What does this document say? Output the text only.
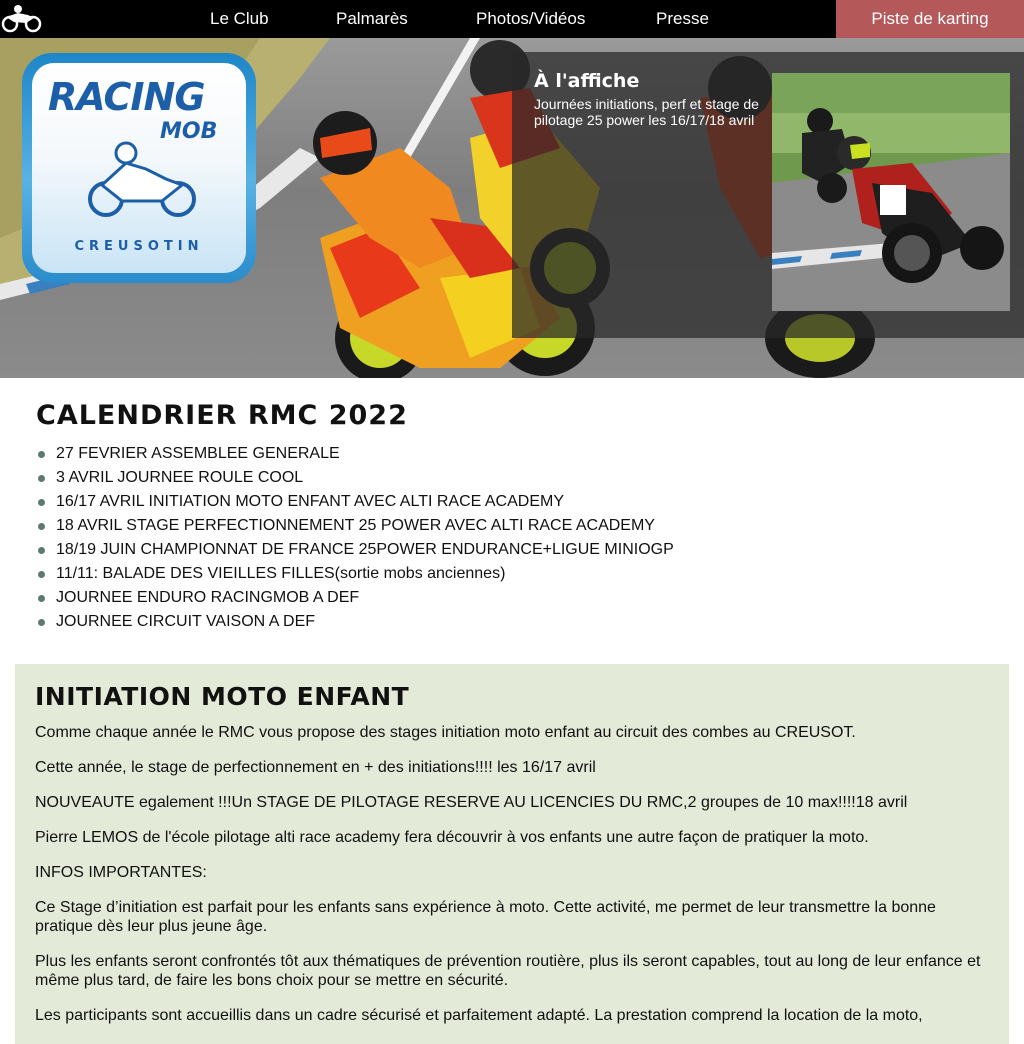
Le Club	Palmarès	Photos/Vidéos	Presse	Piste de karting
RACING
MOB
CREUSOTIN
À l'affiche
Journées initiations, perf et stage de pilotage 25 power les 16/17/18 avril
CALENDRIER RMC 2022
27 FEVRIER ASSEMBLEE GENERALE
3 AVRIL JOURNEE ROULE COOL
16/17 AVRIL INITIATION MOTO ENFANT AVEC ALTI RACE ACADEMY
18 AVRIL STAGE PERFECTIONNEMENT 25 POWER AVEC ALTI RACE ACADEMY
18/19 JUIN CHAMPIONNAT DE FRANCE 25POWER ENDURANCE+LIGUE MINIOGP
11/11: BALADE DES VIEILLES FILLES(sortie mobs anciennes)
JOURNEE ENDURO RACINGMOB A DEF
JOURNEE CIRCUIT VAISON A DEF
INITIATION MOTO ENFANT

Comme chaque année le RMC vous propose des stages initiation moto enfant au circuit des combes au CREUSOT.

Cette année, le stage de perfectionnement en + des initiations!!!! les 16/17 avril

NOUVEAUTE egalement !!!Un STAGE DE PILOTAGE RESERVE AU LICENCIES DU RMC,2 groupes de 10 max!!!!18 avril

Pierre LEMOS de l'école pilotage alti race academy fera découvrir à vos enfants une autre façon de pratiquer la moto.

INFOS IMPORTANTES:

Ce Stage d’initiation est parfait pour les enfants sans expérience à moto. Cette activité, me permet de leur transmettre la bonne pratique dès leur plus jeune âge.

Plus les enfants seront confrontés tôt aux thématiques de prévention routière, plus ils seront capables, tout au long de leur enfance et même plus tard, de faire les bons choix pour se mettre en sécurité.

Les participants sont accueillis dans un cadre sécurisé et parfaitement adapté. La prestation comprend la location de la moto,
